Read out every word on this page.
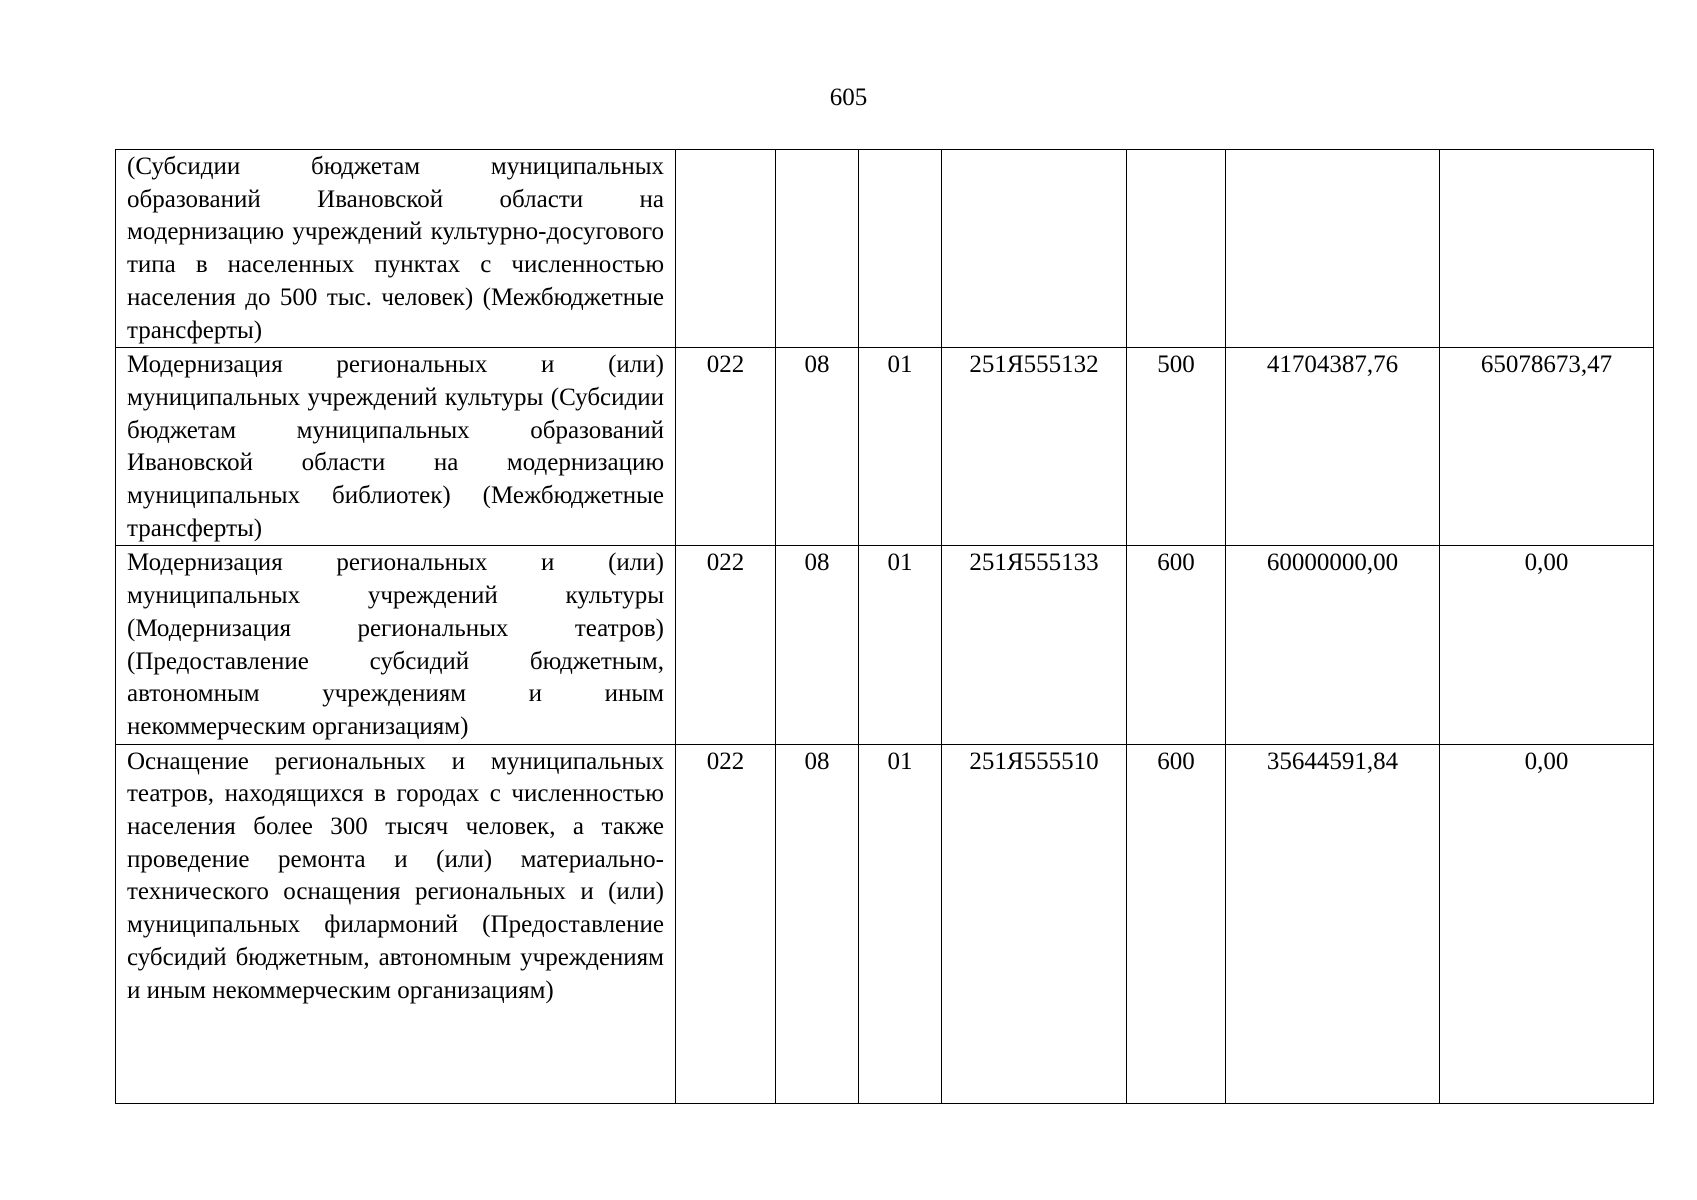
605
(Субсидии бюджетам муниципальных образований Ивановской области на модернизацию учреждений культурно-досугового типа в населенных пунктах с численностью населения до 500 тыс. человек) (Межбюджетные трансферты)							
Модернизация региональных и (или) муниципальных учреждений культуры (Субсидии бюджетам муниципальных образований Ивановской области на модернизацию муниципальных библиотек) (Межбюджетные трансферты)	022	08	01	251Я555132	500	41704387,76	65078673,47
Модернизация региональных и (или) муниципальных учреждений культуры (Модернизация региональных театров) (Предоставление субсидий бюджетным, автономным учреждениям и иным некоммерческим организациям)	022	08	01	251Я555133	600	60000000,00	0,00
Оснащение региональных и муниципальных театров, находящихся в городах с численностью населения более 300 тысяч человек, а также проведение ремонта и (или) материально-технического оснащения региональных и (или) муниципальных филармоний (Предоставление субсидий бюджетным, автономным учреждениям и иным некоммерческим организациям)	022	08	01	251Я555510	600	35644591,84	0,00
